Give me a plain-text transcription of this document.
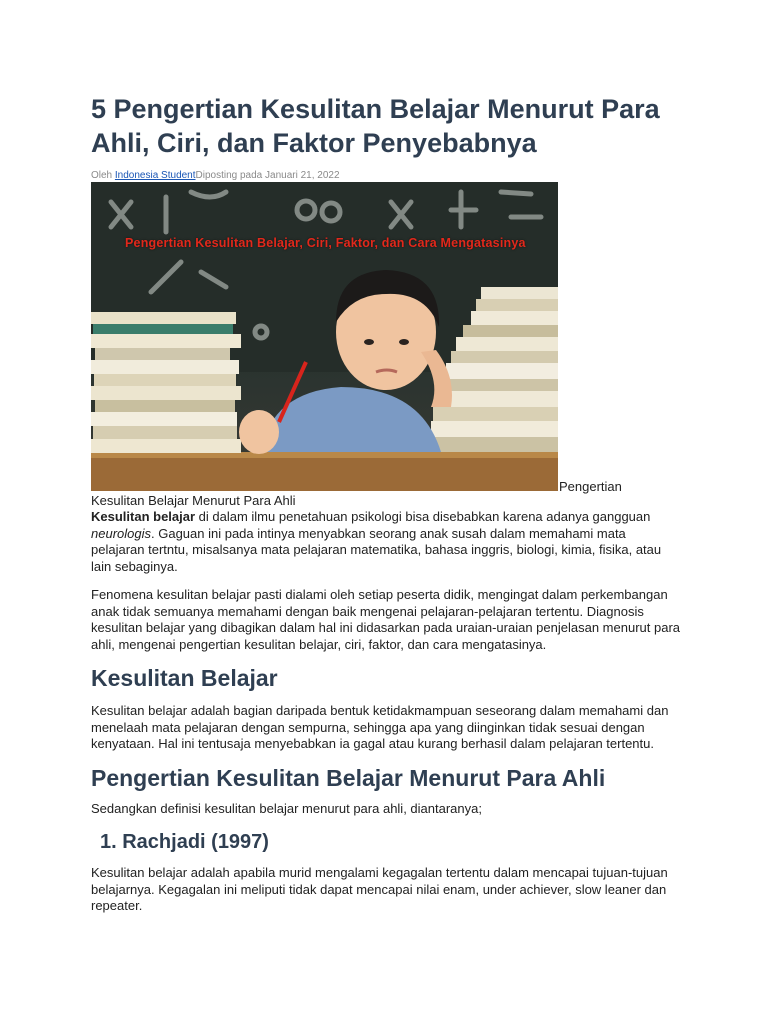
5 Pengertian Kesulitan Belajar Menurut Para Ahli, Ciri, dan Faktor Penyebabnya
Oleh Indonesia StudentDiposting pada Januari 21, 2022
Pengertian Kesulitan Belajar, Ciri, Faktor, dan Cara Mengatasinya
Pengertian
Kesulitan Belajar Menurut Para Ahli

Kesulitan belajar di dalam ilmu penetahuan psikologi bisa disebabkan karena adanya gangguan neurologis. Gaguan ini pada intinya menyabkan seorang anak susah dalam memahami mata pelajaran tertntu, misalsanya mata pelajaran matematika, bahasa inggris, biologi, kimia, fisika, atau lain sebaginya.

Fenomena kesulitan belajar pasti dialami oleh setiap peserta didik, mengingat dalam perkembangan anak tidak semuanya memahami dengan baik mengenai pelajaran-pelajaran tertentu. Diagnosis kesulitan belajar yang dibagikan dalam hal ini didasarkan pada uraian-uraian penjelasan menurut para ahli, mengenai pengertian kesulitan belajar, ciri, faktor, dan cara mengatasinya.

Kesulitan Belajar

Kesulitan belajar adalah bagian daripada bentuk ketidakmampuan seseorang dalam memahami dan menelaah mata pelajaran dengan sempurna, sehingga apa yang diinginkan tidak sesuai dengan kenyataan. Hal ini tentusaja menyebabkan ia gagal atau kurang berhasil dalam pelajaran tertentu.

Pengertian Kesulitan Belajar Menurut Para Ahli

Sedangkan definisi kesulitan belajar menurut para ahli, diantaranya;

1. Rachjadi (1997)

Kesulitan belajar adalah apabila murid mengalami kegagalan tertentu dalam mencapai tujuan-tujuan belajarnya. Kegagalan ini meliputi tidak dapat mencapai nilai enam, under achiever, slow leaner dan repeater.
